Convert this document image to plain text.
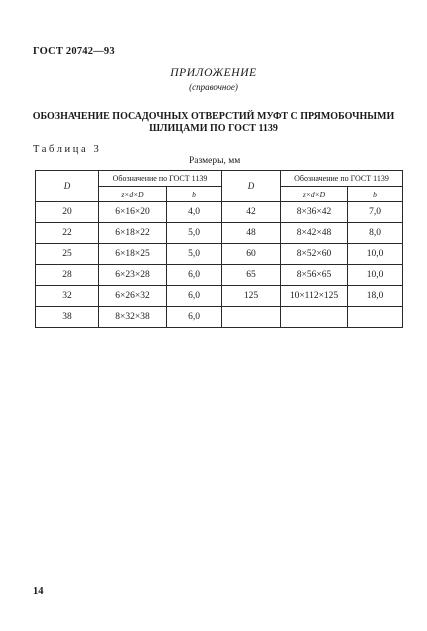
ГОСТ 20742—93
ПРИЛОЖЕНИЕ
(справочное)
ОБОЗНАЧЕНИЕ ПОСАДОЧНЫХ ОТВЕРСТИЙ МУФТ С ПРЯМОБОЧНЫМИ
ШЛИЦАМИ ПО ГОСТ 1139
Таблица 3
Размеры, мм
D	Обозначение по ГОСТ 1139		D	Обозначение по ГОСТ 1139	
	z×d×D	b		z×d×D	b
20	6×16×20	4,0	42	8×36×42	7,0
22	6×18×22	5,0	48	8×42×48	8,0
25	6×18×25	5,0	60	8×52×60	10,0
28	6×23×28	6,0	65	8×56×65	10,0
32	6×26×32	6,0	125	10×112×125	18,0
38	8×32×38	6,0			
14
